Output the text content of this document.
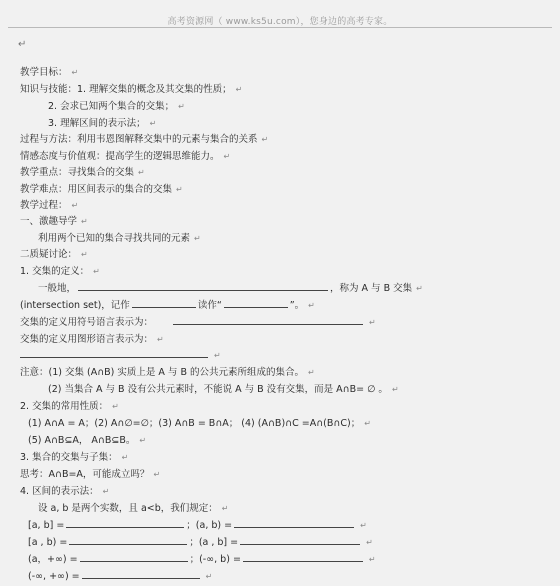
高考资源网（ www.ks5u.com），您身边的高考专家。
↵
教学目标： ↵
知识与技能：1. 理解交集的概念及其交集的性质； ↵
2. 会求已知两个集合的交集； ↵
3. 理解区间的表示法； ↵
过程与方法：利用韦恩图解释交集中的元素与集合的关系 ↵
情感态度与价值观：提高学生的逻辑思维能力。 ↵
教学重点：寻找集合的交集 ↵
教学难点：用区间表示的集合的交集 ↵
教学过程： ↵
一、激趣导学 ↵
利用两个已知的集合寻找共同的元素 ↵
二质疑讨论： ↵
1. 交集的定义： ↵
一般地，	，称为 A 与 B 交集 ↵
(intersection set)，记作	读作“	”。 ↵
交集的定义用符号语言表示为：	↵
交集的定义用图形语言表示为： ↵
↵
注意：(1) 交集 (A∩B) 实质上是 A 与 B 的公共元素所组成的集合。 ↵
(2) 当集合 A 与 B 没有公共元素时，不能说 A 与 B 没有交集，而是 A∩B= ∅ 。 ↵
2. 交集的常用性质： ↵
(1) A∩A = A；(2) A∩∅=∅；(3) A∩B = B∩A； (4) (A∩B)∩C =A∩(B∩C)； ↵
(5) A∩B⊆A， A∩B⊆B。 ↵
3. 集合的交集与子集： ↵
思考：A∩B=A，可能成立吗？ ↵
4. 区间的表示法： ↵
设 a, b 是两个实数，且 a<b，我们规定： ↵
[a, b] =	；(a, b) =	↵
[a , b) =	；(a , b] =	↵
(a，+∞) =	；(-∞, b) =	↵
(-∞, +∞) =	↵
